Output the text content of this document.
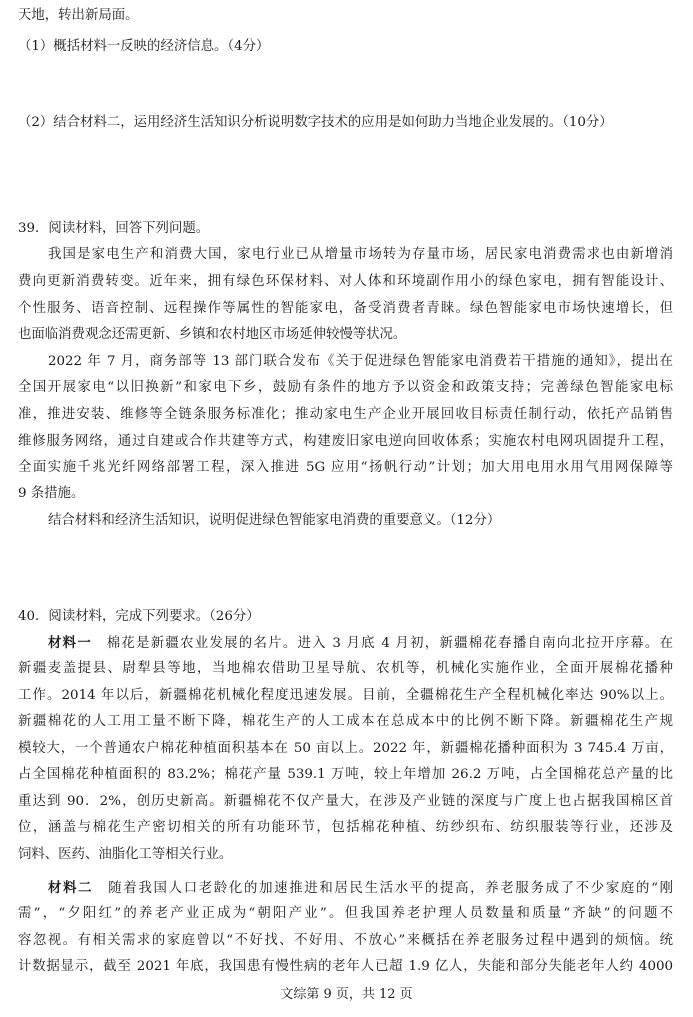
天地，转出新局面。
（1）概括材料一反映的经济信息。（4分）
（2）结合材料二，运用经济生活知识分析说明数字技术的应用是如何助力当地企业发展的。（10分）
39．阅读材料，回答下列问题。
我国是家电生产和消费大国，家电行业已从增量市场转为存量市场，居民家电消费需求也由新增消
费向更新消费转变。近年来，拥有绿色环保材料、对人体和环境副作用小的绿色家电，拥有智能设计、
个性服务、语音控制、远程操作等属性的智能家电，备受消费者青睐。绿色智能家电市场快速增长，但
也面临消费观念还需更新、乡镇和农村地区市场延伸较慢等状况。
2022 年 7 月，商务部等 13 部门联合发布《关于促进绿色智能家电消费若干措施的通知》，提出在
全国开展家电“以旧换新”和家电下乡，鼓励有条件的地方予以资金和政策支持；完善绿色智能家电标
准，推进安装、维修等全链条服务标准化；推动家电生产企业开展回收目标责任制行动，依托产品销售
维修服务网络，通过自建或合作共建等方式，构建废旧家电逆向回收体系；实施农村电网巩固提升工程，
全面实施千兆光纤网络部署工程，深入推进 5G 应用“扬帆行动”计划；加大用电用水用气用网保障等
9 条措施。
结合材料和经济生活知识，说明促进绿色智能家电消费的重要意义。（12分）
40．阅读材料，完成下列要求。（26分）
材料一  棉花是新疆农业发展的名片。进入 3 月底 4 月初，新疆棉花春播自南向北拉开序幕。在
新疆麦盖提县、尉犁县等地，当地棉农借助卫星导航、农机等，机械化实施作业，全面开展棉花播种
工作。2014 年以后，新疆棉花机械化程度迅速发展。目前，全疆棉花生产全程机械化率达 90%以上。
新疆棉花的人工用工量不断下降，棉花生产的人工成本在总成本中的比例不断下降。新疆棉花生产规
模较大，一个普通农户棉花种植面积基本在 50 亩以上。2022 年，新疆棉花播种面积为 3 745.4 万亩，
占全国棉花种植面积的 83.2%；棉花产量 539.1 万吨，较上年增加 26.2 万吨，占全国棉花总产量的比
重达到 90．2%，创历史新高。新疆棉花不仅产量大，在涉及产业链的深度与广度上也占据我国棉区首
位，涵盖与棉花生产密切相关的所有功能环节，包括棉花种植、纺纱织布、纺织服装等行业，还涉及
饲料、医药、油脂化工等相关行业。
材料二  随着我国人口老龄化的加速推进和居民生活水平的提高，养老服务成了不少家庭的“刚
需”，“夕阳红”的养老产业正成为“朝阳产业”。但我国养老护理人员数量和质量“齐缺”的问题不
容忽视。有相关需求的家庭曾以“不好找、不好用、不放心”来概括在养老服务过程中遇到的烦恼。统
计数据显示，截至 2021 年底，我国患有慢性病的老年人已超 1.9 亿人，失能和部分失能老年人约 4000
文综第 9 页，共 12 页
